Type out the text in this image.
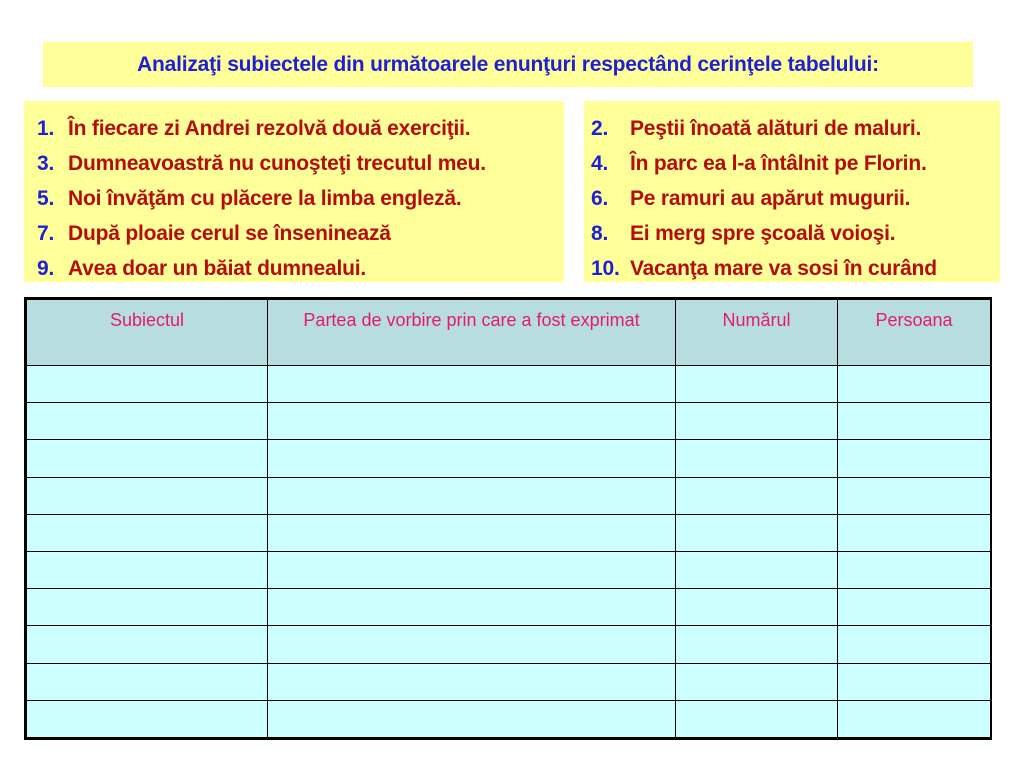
Analizaţi subiectele din următoarele enunţuri respectând cerinţele tabelului:
1. În fiecare zi Andrei rezolvă două exerciţii.
3. Dumneavoastră nu cunoşteţi trecutul meu.
5. Noi învăţăm cu plăcere la limba engleză.
7. După ploaie cerul se înseninează
9. Avea doar un băiat dumnealui.
2.	Peştii înoată alături de maluri.
4.	În parc ea l-a întâlnit pe Florin.
6.	Pe ramuri au apărut mugurii.
8.	Ei merg spre şcoală voioşi.
10. Vacanţa mare va sosi în curând
Subiectul	Partea de vorbire prin care a fost exprimat	Numărul	Persoana
